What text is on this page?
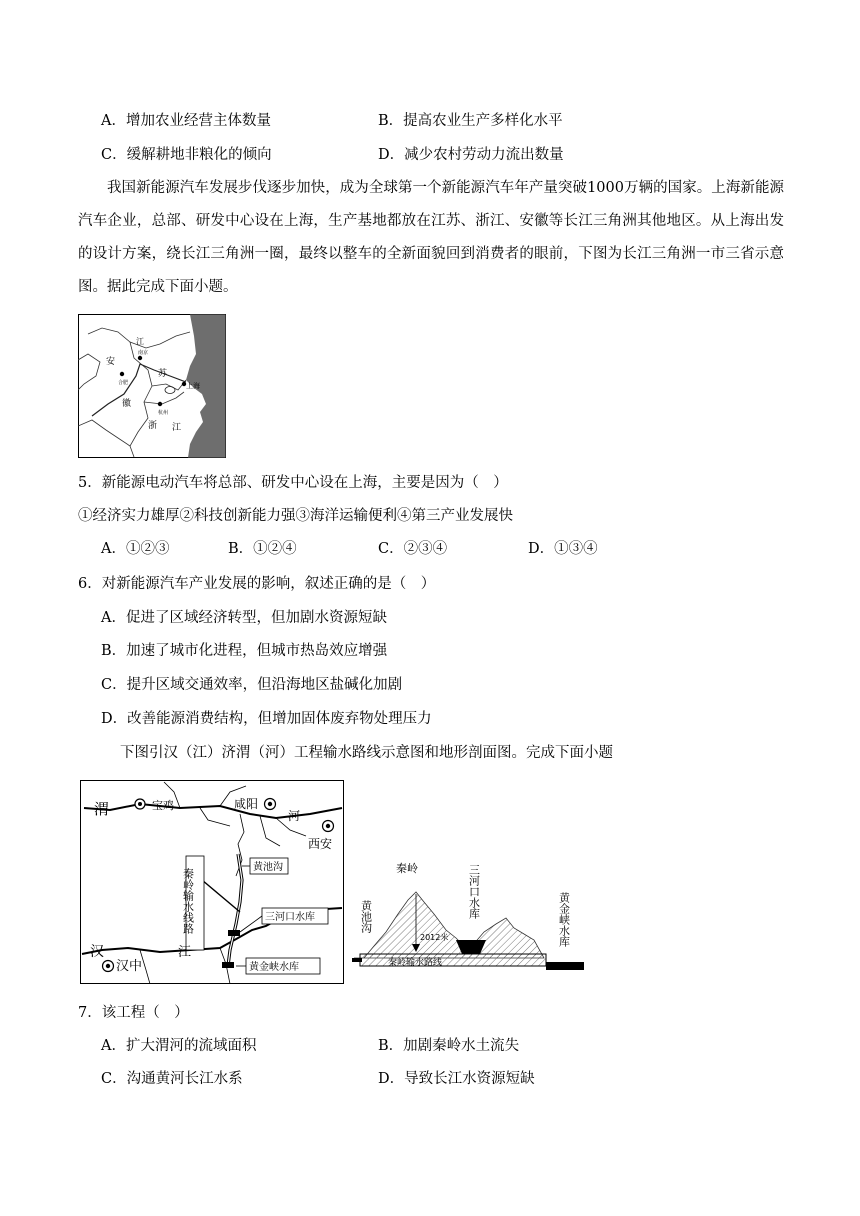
A．增加农业经营主体数量	B．提高农业生产多样化水平
C．缓解耕地非粮化的倾向	D．减少农村劳动力流出数量
我国新能源汽车发展步伐逐步加快，成为全球第一个新能源汽车年产量突破1000万辆的国家。上海新能源汽车企业，总部、研发中心设在上海，生产基地都放在江苏、浙江、安徽等长江三角洲其他地区。从上海出发的设计方案，绕长江三角洲一圈，最终以整车的全新面貌回到消费者的眼前，下图为长江三角洲一市三省示意图。据此完成下面小题。
江
南京
安
合肥
苏
徽
上海
杭州
浙 江
5．新能源电动汽车将总部、研发中心设在上海，主要是因为（　）
①经济实力雄厚②科技创新能力强③海洋运输便利④第三产业发展快
A．①②③	B．①②④	C．②③④	D．①③④
6．对新能源汽车产业发展的影响，叙述正确的是（　）
A．促进了区域经济转型，但加剧水资源短缺
B．加速了城市化进程，但城市热岛效应增强
C．提升区域交通效率，但沿海地区盐碱化加剧
D．改善能源消费结构，但增加固体废弃物处理压力
下图引汉（江）济渭（河）工程输水路线示意图和地形剖面图。完成下面小题
渭	宝鸡	咸阳
河
西安
秦岭输水线路
黄池沟
三河口水库
汉
汉中
江
黄金峡水库
秦岭
黄池沟	三河口水库
黄金峡水库
2012米
秦岭输水路线
7．该工程（　）
A．扩大渭河的流域面积	B．加剧秦岭水土流失
C．沟通黄河长江水系	D．导致长江水资源短缺
